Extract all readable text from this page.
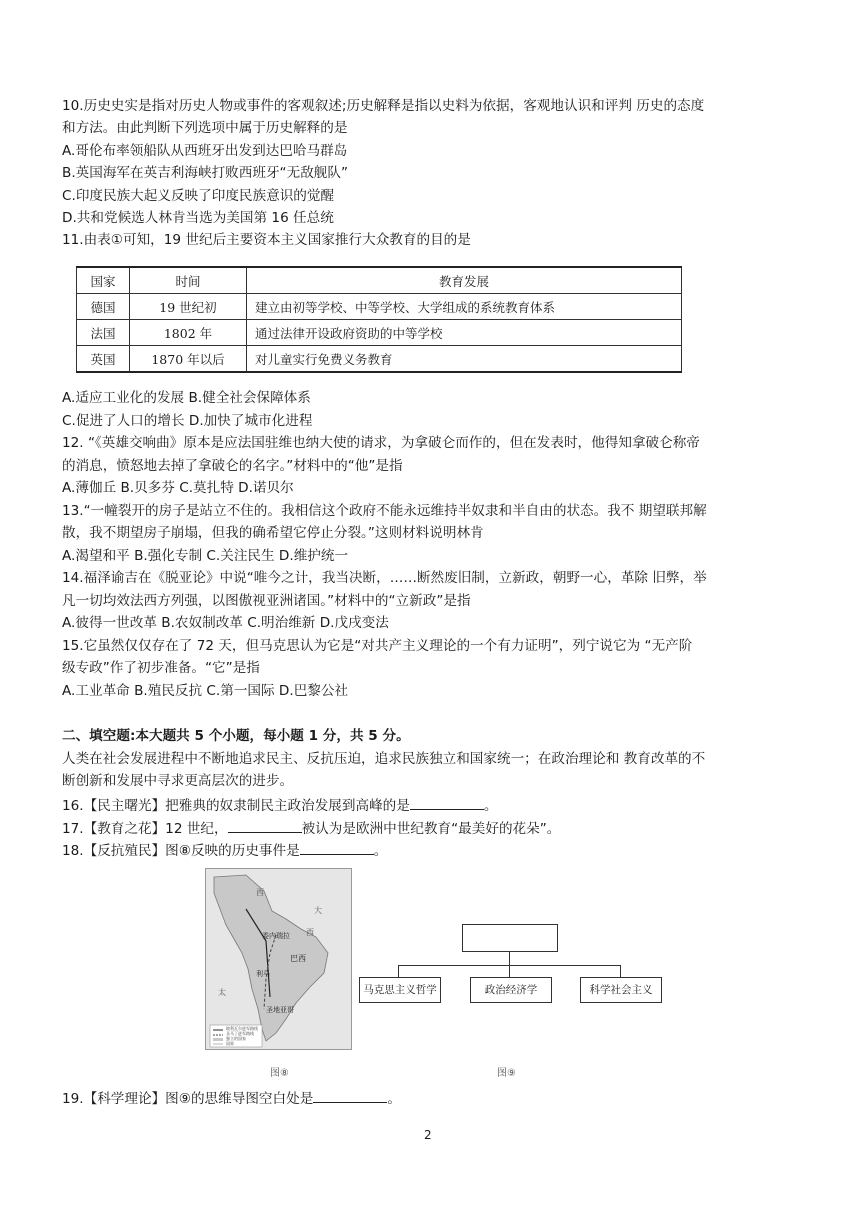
10.历史史实是指对历史人物或事件的客观叙述;历史解释是指以史料为依据，客观地认识和评判 历史的态度
和方法。由此判断下列选项中属于历史解释的是
A.哥伦布率领船队从西班牙出发到达巴哈马群岛
B.英国海军在英吉利海峡打败西班牙“无敌舰队”
C.印度民族大起义反映了印度民族意识的觉醒
D.共和党候选人林肯当选为美国第 16 任总统
11.由表①可知，19 世纪后主要资本主义国家推行大众教育的目的是
国家	时间	教育发展
德国	19 世纪初	建立由初等学校、中等学校、大学组成的系统教育体系
法国	1802 年	通过法律开设政府资助的中等学校
英国	1870 年以后	对儿童实行免费义务教育
A.适应工业化的发展 B.健全社会保障体系
C.促进了人口的增长 D.加快了城市化进程
12. “《英雄交响曲》原本是应法国驻维也纳大使的请求，为拿破仑而作的，但在发表时，他得知拿破仑称帝
的消息，愤怒地去掉了拿破仑的名字。”材料中的“他”是指
A.薄伽丘 B.贝多芬 C.莫扎特 D.诺贝尔
13.“一幢裂开的房子是站立不住的。我相信这个政府不能永远维持半奴隶和半自由的状态。我不 期望联邦解
散，我不期望房子崩塌，但我的确希望它停止分裂。”这则材料说明林肯
A.渴望和平 B.强化专制 C.关注民生 D.维护统一
14.福泽谕吉在《脱亚论》中说“唯今之计，我当决断，……断然废旧制，立新政，朝野一心，革除 旧弊，举
凡一切均效法西方列强，以图傲视亚洲诸国。”材料中的“立新政”是指
A.彼得一世改革 B.农奴制改革 C.明治维新 D.戊戌变法
15.它虽然仅仅存在了 72 天，但马克思认为它是“对共产主义理论的一个有力证明”，列宁说它为 “无产阶
级专政”作了初步准备。“它”是指
A.工业革命 B.殖民反抗 C.第一国际 D.巴黎公社
二、填空题:本大题共 5 个小题，每小题 1 分，共 5 分。
人类在社会发展进程中不断地追求民主、反抗压迫，追求民族独立和国家统一；在政治理论和 教育改革的不
断创新和发展中寻求更高层次的进步。
16.【民主曙光】把雅典的奴隶制民主政治发展到高峰的是	。
17.【教育之花】12 世纪，	被认为是欧洲中世纪教育“最美好的花朵”。
18.【反抗殖民】图⑧反映的历史事件是	。
西
大
西
委内瑞拉
巴西
利马
圣地亚哥
太
玻利瓦尔进军路线
圣马丁进军路线
独立的国家
国界
图⑧
马克思主义哲学	政治经济学	科学社会主义
图⑨
19.【科学理论】图⑨的思维导图空白处是	。
2
